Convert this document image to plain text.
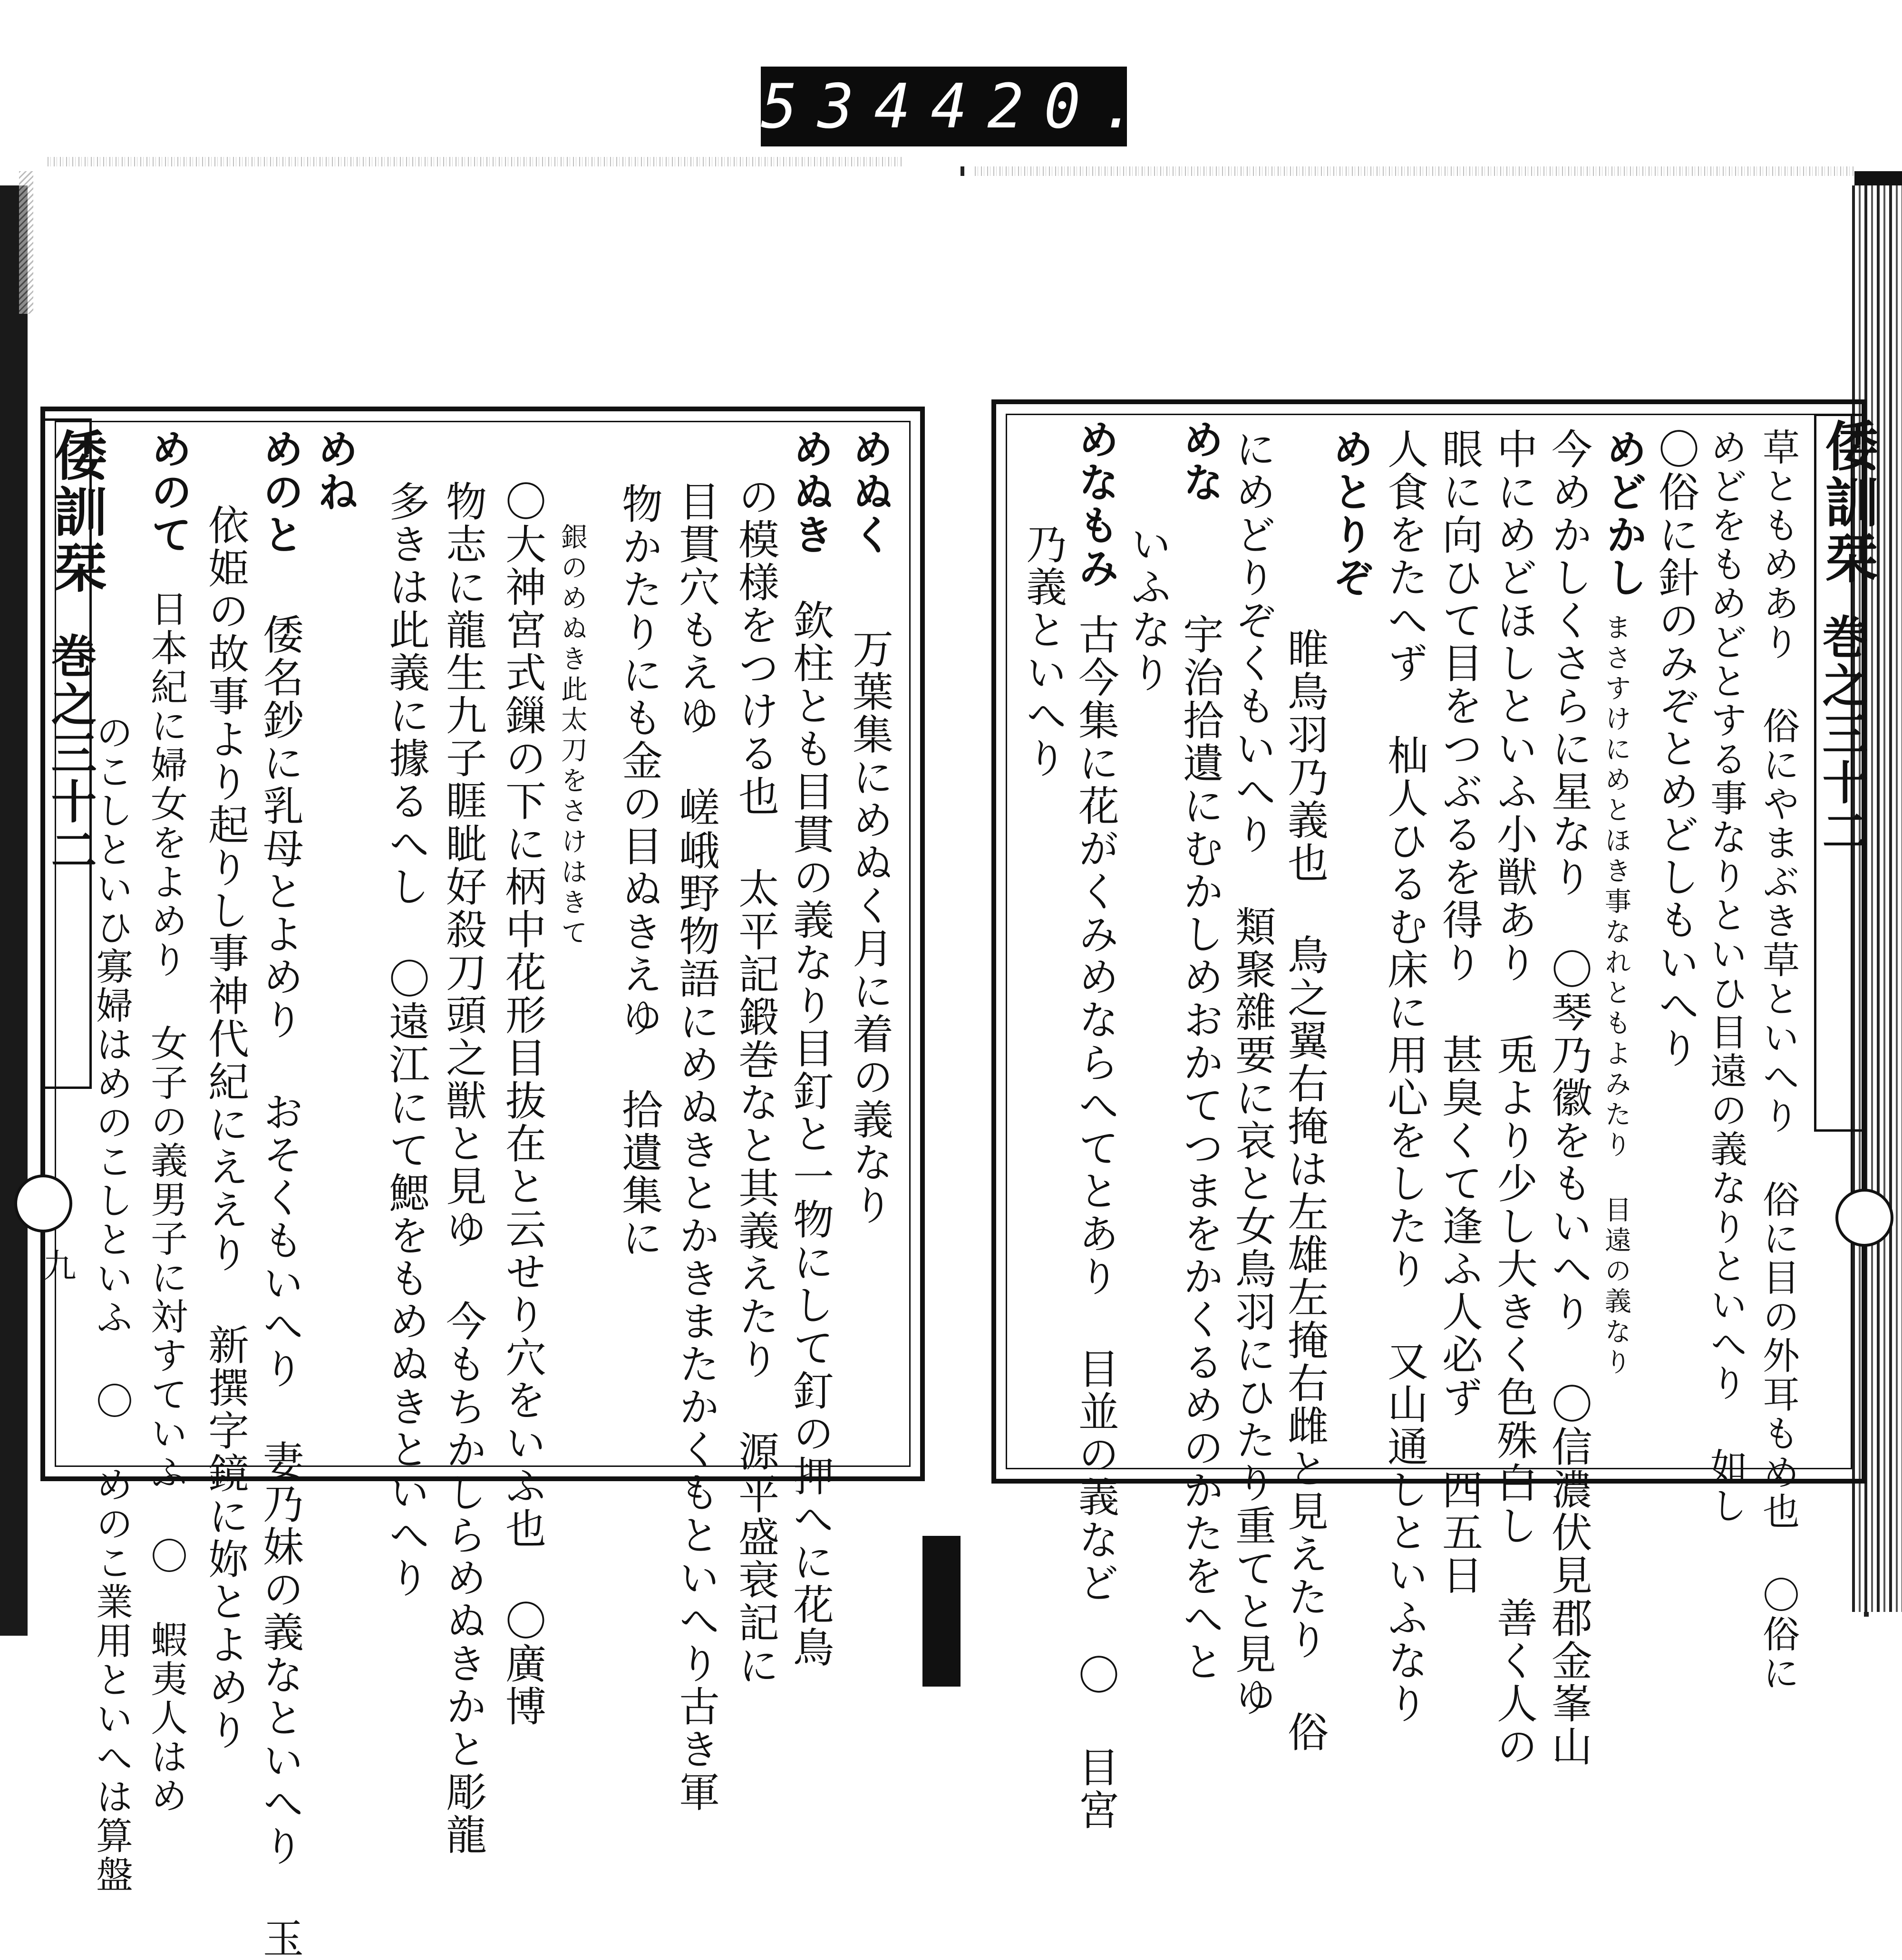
534 420.
倭訓栞
巻之三十二
九
めぬく
万葉集にめぬく月に着の義なり
めぬき
欽柱とも目貫の義なり目釘と一物にして釘の押へに花鳥
の模様をつける也 太平記鍛巻なと其義えたり 源平盛衰記に
目貫穴もえゆ 嵯峨野物語にめぬきとかきまたかくもといへり古き軍
物かたりにも金の目ぬきえゆ 拾遺集に
銀のめぬき此太刀をさけはきて
〇大神宮式鏁の下に柄中花形目抜在と云せり穴をいふ也 〇廣博
物志に龍生九子睚眦好殺刀頭之獣と見ゆ 今もちかしらめぬきかと彫龍
多きは此義に據るへし 〇遠江にて鰓をもめぬきといへり
めね
めのと
倭名鈔に乳母とよめり おそくもいへり 妻乃妹の義なといへり 玉
依姫の故事より起りし事神代紀にええり 新撰字鏡に妳とよめり
めのて
日本紀に婦女をよめり 女子の義男子に対すていふ 〇 蝦夷人はめ
のこしといひ寡婦はめのこしといふ 〇 めのこ業用といへは算盤
倭訓栞
巻之三十二
草ともめあり 俗にやまぶき草といへり 俗に目の外耳もめ也 〇俗に
めどをもめどとする事なりといひ目遠の義なりといへり 如し
〇俗に針のみぞとめどしもいへり
めどかし
まさすけにめとほき事なれともよみたり 目遠の義なり
今めかしくさらに星なり 〇琴乃徽をもいへり 〇信濃伏見郡金峯山
中にめどほしといふ小獣あり 兎より少し大きく色殊白し 善く人の
眼に向ひて目をつぶるを得り 甚臭くて逢ふ人必ず 四五日
人食をたへず 杣人ひるむ床に用心をしたり 又山通しといふなり
めとりぞ
睢鳥羽乃義也 鳥之翼右掩は左雄左掩右雌と見えたり 俗
にめどりぞくもいへり 類聚雜要に哀と女鳥羽にひたり重てと見ゆ
めな
宇治拾遺にむかしめおかてつまをかくるめのかたをへと
いふなり
めなもみ
古今集に花がくみめならへてとあり 目並の義など 〇 目宮
乃義といへり
